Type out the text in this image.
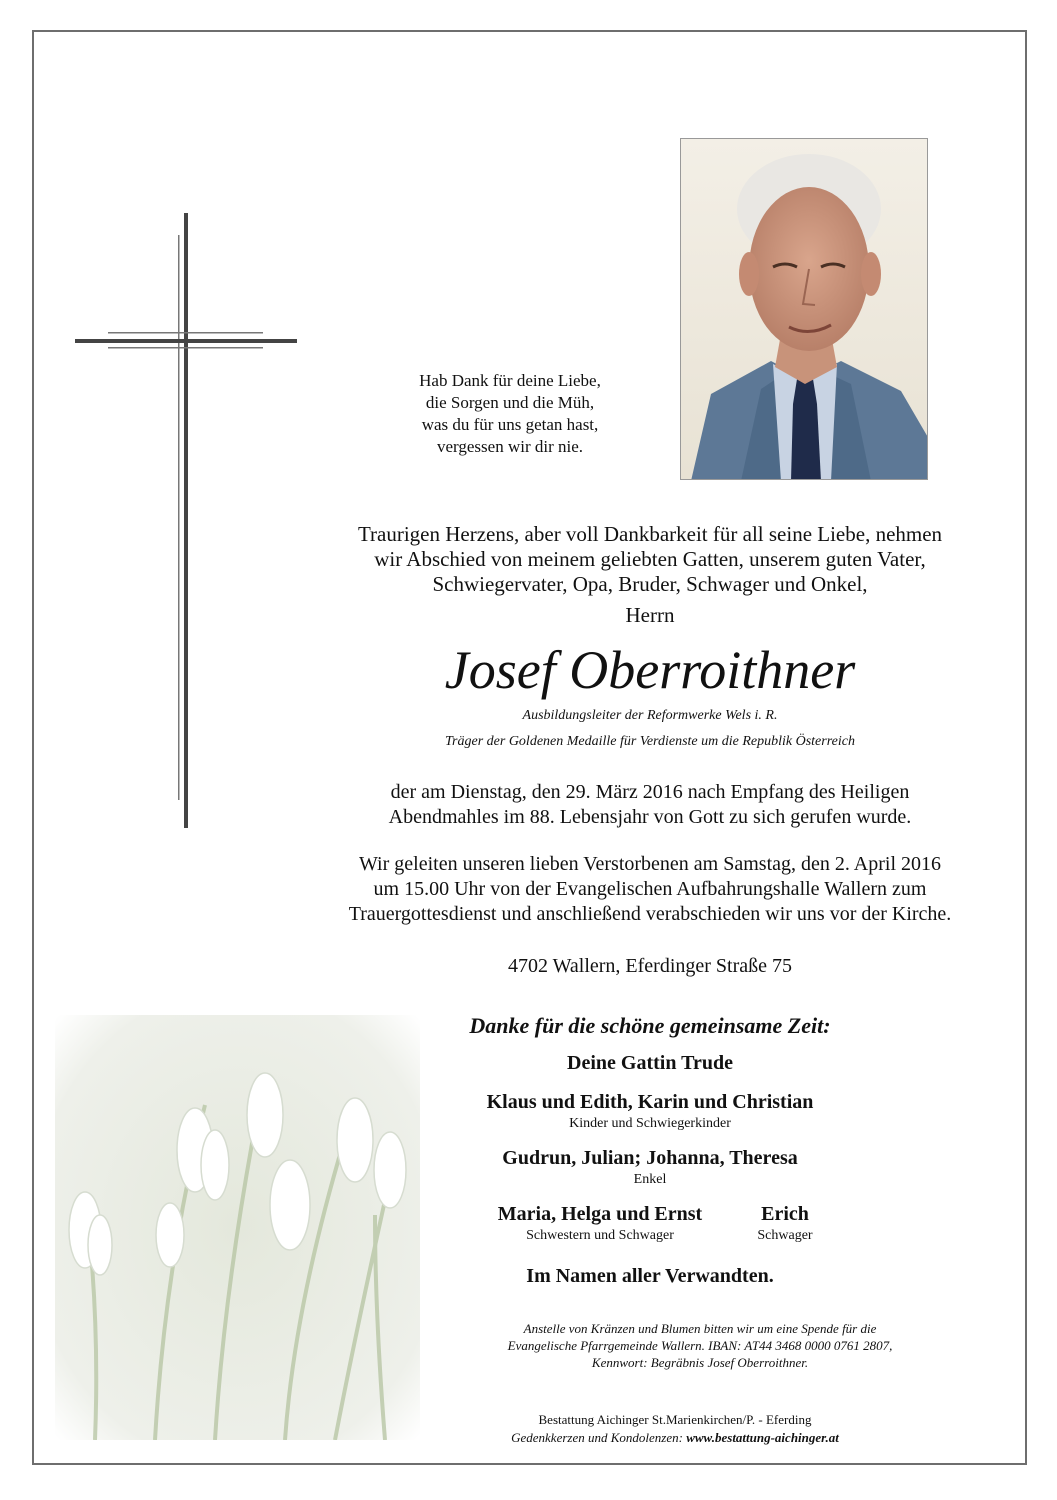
Hab Dank für deine Liebe,
die Sorgen und die Müh,
was du für uns getan hast,
vergessen wir dir nie.
Traurigen Herzens, aber voll Dankbarkeit für all seine Liebe, nehmen
wir Abschied von meinem geliebten Gatten, unserem guten Vater,
Schwiegervater, Opa, Bruder, Schwager und Onkel,
Herrn
Josef Oberroithner
Ausbildungsleiter der Reformwerke Wels i. R.
Träger der Goldenen Medaille für Verdienste um die Republik Österreich
der am Dienstag, den 29. März 2016 nach Empfang des Heiligen
Abendmahles im 88. Lebensjahr von Gott zu sich gerufen wurde.
Wir geleiten unseren lieben Verstorbenen am Samstag, den 2. April 2016
um 15.00 Uhr von der Evangelischen Aufbahrungshalle Wallern zum
Trauergottesdienst und anschließend verabschieden wir uns vor der Kirche.
4702 Wallern, Eferdinger Straße 75
Danke für die schöne gemeinsame Zeit:
Deine Gattin Trude
Klaus und Edith, Karin und Christian
Kinder und Schwiegerkinder
Gudrun, Julian; Johanna, Theresa
Enkel
Maria, Helga und Ernst
Schwestern und Schwager
Erich
Schwager
Im Namen aller Verwandten.
Anstelle von Kränzen und Blumen bitten wir um eine Spende für die
Evangelische Pfarrgemeinde Wallern. IBAN: AT44 3468 0000 0761 2807,
Kennwort: Begräbnis Josef Oberroithner.
Bestattung Aichinger St.Marienkirchen/P. - Eferding
Gedenkkerzen und Kondolenzen: www.bestattung-aichinger.at
